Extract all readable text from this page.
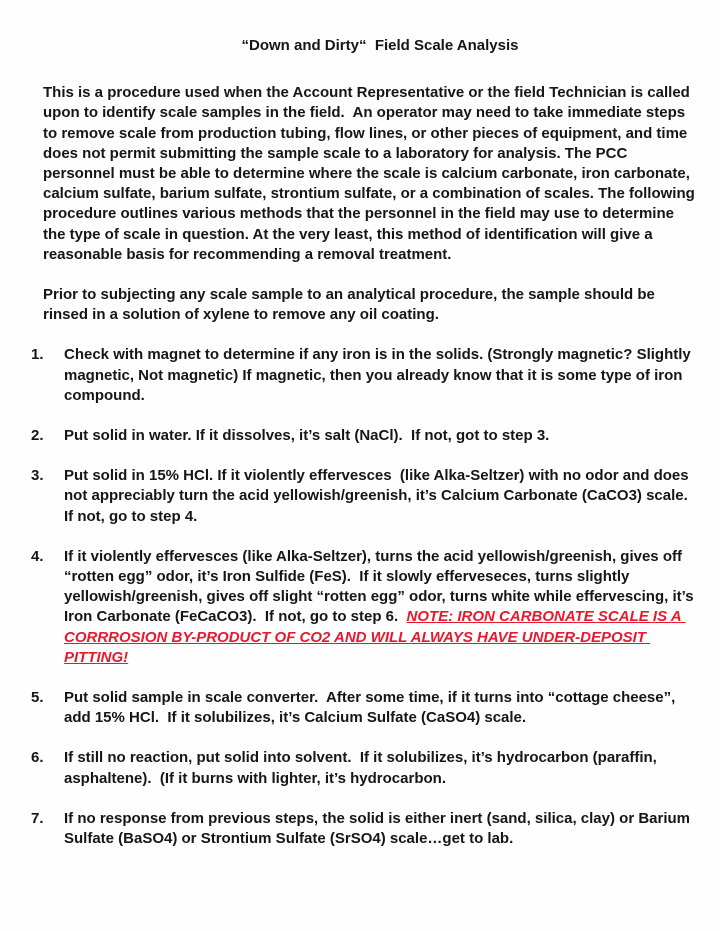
“Down and Dirty“  Field Scale Analysis

This is a procedure used when the Account Representative or the field Technician is called upon to identify scale samples in the field.  An operator may need to take immediate steps to remove scale from production tubing, flow lines, or other pieces of equipment, and time does not permit submitting the sample scale to a laboratory for analysis. The PCC personnel must be able to determine where the scale is calcium carbonate, iron carbonate, calcium sulfate, barium sulfate, strontium sulfate, or a combination of scales. The following procedure outlines various methods that the personnel in the field may use to determine the type of scale in question. At the very least, this method of identification will give a reasonable basis for recommending a removal treatment.

Prior to subjecting any scale sample to an analytical procedure, the sample should be rinsed in a solution of xylene to remove any oil coating.

1.	Check with magnet to determine if any iron is in the solids. (Strongly magnetic? Slightly magnetic, Not magnetic) If magnetic, then you already know that it is some type of iron compound.
2.	Put solid in water. If it dissolves, it’s salt (NaCl).  If not, got to step 3.
3.	Put solid in 15% HCl. If it violently effervesces  (like Alka-Seltzer) with no odor and does not appreciably turn the acid yellowish/greenish, it’s Calcium Carbonate (CaCO3) scale.  If not, go to step 4.
4.	If it violently effervesces (like Alka-Seltzer), turns the acid yellowish/greenish, gives off “rotten egg” odor, it’s Iron Sulfide (FeS).  If it slowly efferveseces, turns slightly yellowish/greenish, gives off slight “rotten egg” odor, turns white while effervescing, it’s Iron Carbonate (FeCaCO3).  If not, go to step 6.  NOTE: IRON CARBONATE SCALE IS A CORRROSION BY-PRODUCT OF CO2 AND WILL ALWAYS HAVE UNDER-DEPOSIT PITTING!
5.	Put solid sample in scale converter.  After some time, if it turns into “cottage cheese”, add 15% HCl.  If it solubilizes, it’s Calcium Sulfate (CaSO4) scale.
6.	If still no reaction, put solid into solvent.  If it solubilizes, it’s hydrocarbon (paraffin, asphaltene).  (If it burns with lighter, it’s hydrocarbon.
7.	If no response from previous steps, the solid is either inert (sand, silica, clay) or Barium Sulfate (BaSO4) or Strontium Sulfate (SrSO4) scale…get to lab.
